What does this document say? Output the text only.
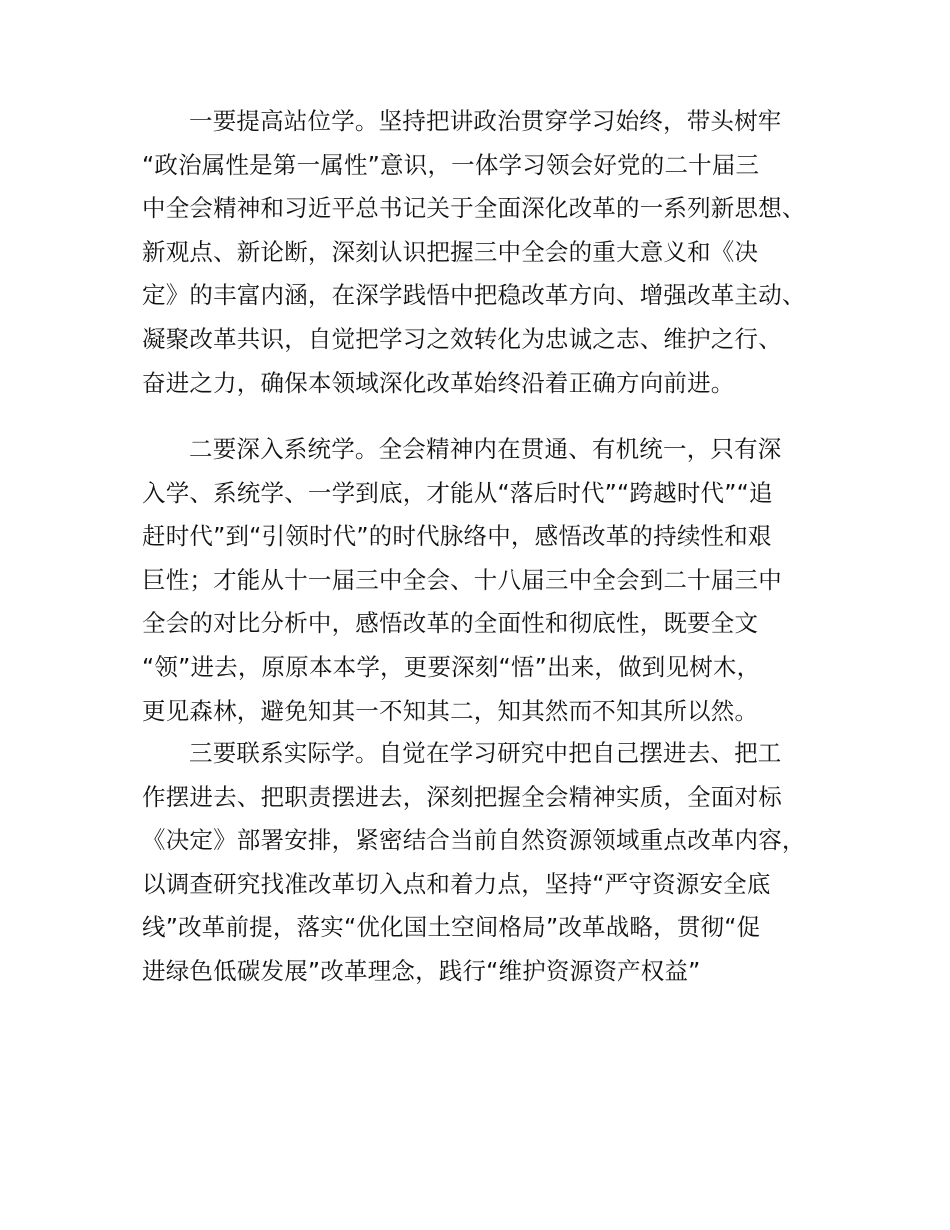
一要提高站位学。坚持把讲政治贯穿学习始终，带头树牢
“政治属性是第一属性”意识，一体学习领会好党的二十届三
中全会精神和习近平总书记关于全面深化改革的一系列新思想、
新观点、新论断，深刻认识把握三中全会的重大意义和《决
定》的丰富内涵，在深学践悟中把稳改革方向、增强改革主动、
凝聚改革共识，自觉把学习之效转化为忠诚之志、维护之行、
奋进之力，确保本领域深化改革始终沿着正确方向前进。
二要深入系统学。全会精神内在贯通、有机统一，只有深
入学、系统学、一学到底，才能从“落后时代”“跨越时代”“追
赶时代”到“引领时代”的时代脉络中，感悟改革的持续性和艰
巨性；才能从十一届三中全会、十八届三中全会到二十届三中
全会的对比分析中，感悟改革的全面性和彻底性，既要全文
“领”进去，原原本本学，更要深刻“悟”出来，做到见树木，
更见森林，避免知其一不知其二，知其然而不知其所以然。
三要联系实际学。自觉在学习研究中把自己摆进去、把工
作摆进去、把职责摆进去，深刻把握全会精神实质，全面对标
《决定》部署安排，紧密结合当前自然资源领域重点改革内容，
以调查研究找准改革切入点和着力点，坚持“严守资源安全底
线”改革前提，落实“优化国土空间格局”改革战略，贯彻“促
进绿色低碳发展”改革理念，践行“维护资源资产权益”
